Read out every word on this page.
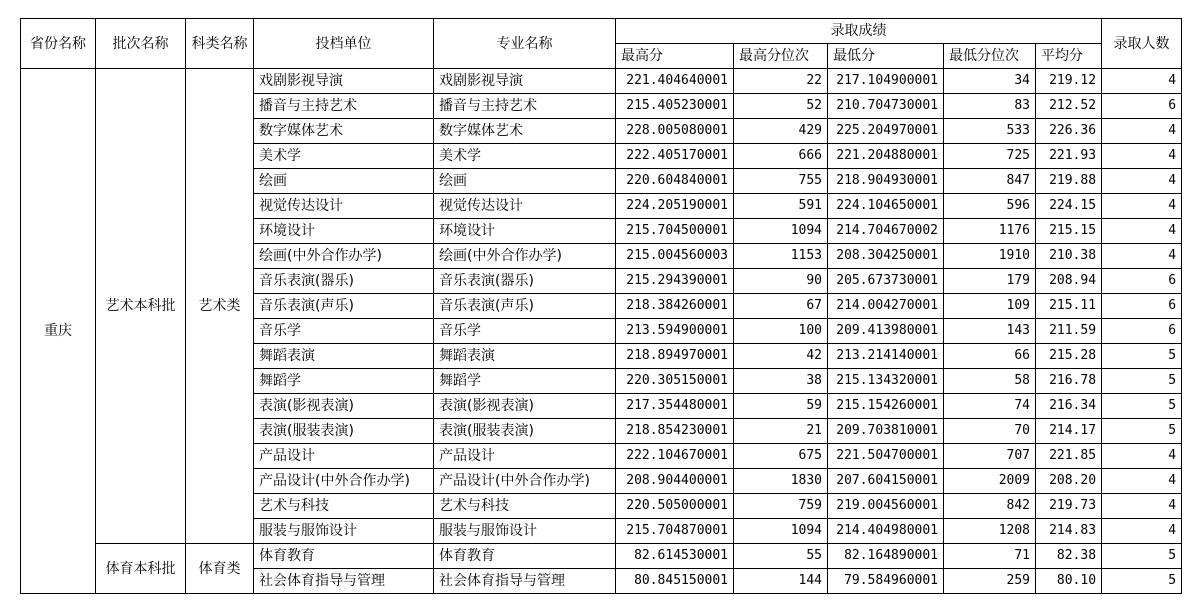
省份名称	批次名称	科类名称	投档单位	专业名称	录取成绩					录取人数
					最高分	最高分位次	最低分	最低分位次	平均分	
重庆	艺术本科批	艺术类	戏剧影视导演	戏剧影视导演	221.404640001	22	217.104900001	34	219.12	4
			播音与主持艺术	播音与主持艺术	215.405230001	52	210.704730001	83	212.52	6
			数字媒体艺术	数字媒体艺术	228.005080001	429	225.204970001	533	226.36	4
			美术学	美术学	222.405170001	666	221.204880001	725	221.93	4
			绘画	绘画	220.604840001	755	218.904930001	847	219.88	4
			视觉传达设计	视觉传达设计	224.205190001	591	224.104650001	596	224.15	4
			环境设计	环境设计	215.704500001	1094	214.704670002	1176	215.15	4
			绘画(中外合作办学)	绘画(中外合作办学)	215.004560003	1153	208.304250001	1910	210.38	4
			音乐表演(器乐)	音乐表演(器乐)	215.294390001	90	205.673730001	179	208.94	6
			音乐表演(声乐)	音乐表演(声乐)	218.384260001	67	214.004270001	109	215.11	6
			音乐学	音乐学	213.594900001	100	209.413980001	143	211.59	6
			舞蹈表演	舞蹈表演	218.894970001	42	213.214140001	66	215.28	5
			舞蹈学	舞蹈学	220.305150001	38	215.134320001	58	216.78	5
			表演(影视表演)	表演(影视表演)	217.354480001	59	215.154260001	74	216.34	5
			表演(服装表演)	表演(服装表演)	218.854230001	21	209.703810001	70	214.17	5
			产品设计	产品设计	222.104670001	675	221.504700001	707	221.85	4
			产品设计(中外合作办学)	产品设计(中外合作办学)	208.904400001	1830	207.604150001	2009	208.20	4
			艺术与科技	艺术与科技	220.505000001	759	219.004560001	842	219.73	4
			服装与服饰设计	服装与服饰设计	215.704870001	1094	214.404980001	1208	214.83	4
	体育本科批	体育类	体育教育	体育教育	82.614530001	55	82.164890001	71	82.38	5
			社会体育指导与管理	社会体育指导与管理	80.845150001	144	79.584960001	259	80.10	5
